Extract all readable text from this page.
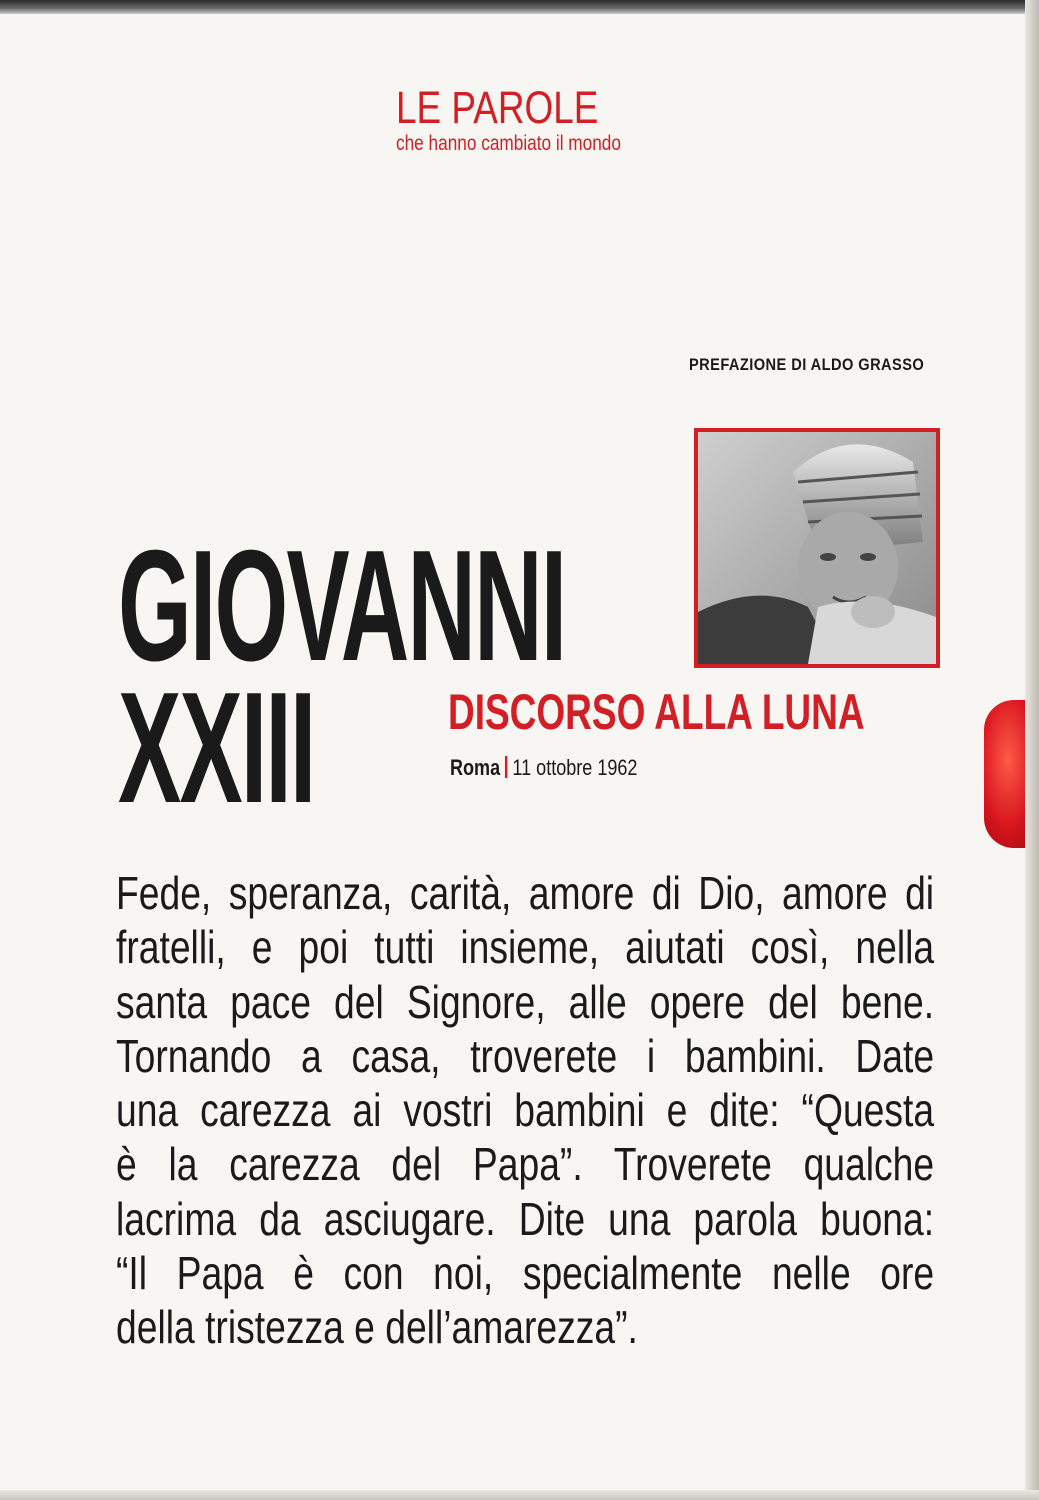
LE PAROLE
che hanno cambiato il mondo
PREFAZIONE DI ALDO GRASSO
GIOVANNI
XXIII	DISCORSO ALLA LUNA
Roma 11 ottobre 1962
Fede, speranza, carità, amore di Dio, amore di
fratelli, e poi tutti insieme, aiutati così, nella
santa pace del Signore, alle opere del bene.
Tornando a casa, troverete i bambini. Date
una carezza ai vostri bambini e dite: “Questa
è la carezza del Papa”. Troverete qualche
lacrima da asciugare. Dite una parola buona:
“Il Papa è con noi, specialmente nelle ore
della tristezza e dell’amarezza”.
